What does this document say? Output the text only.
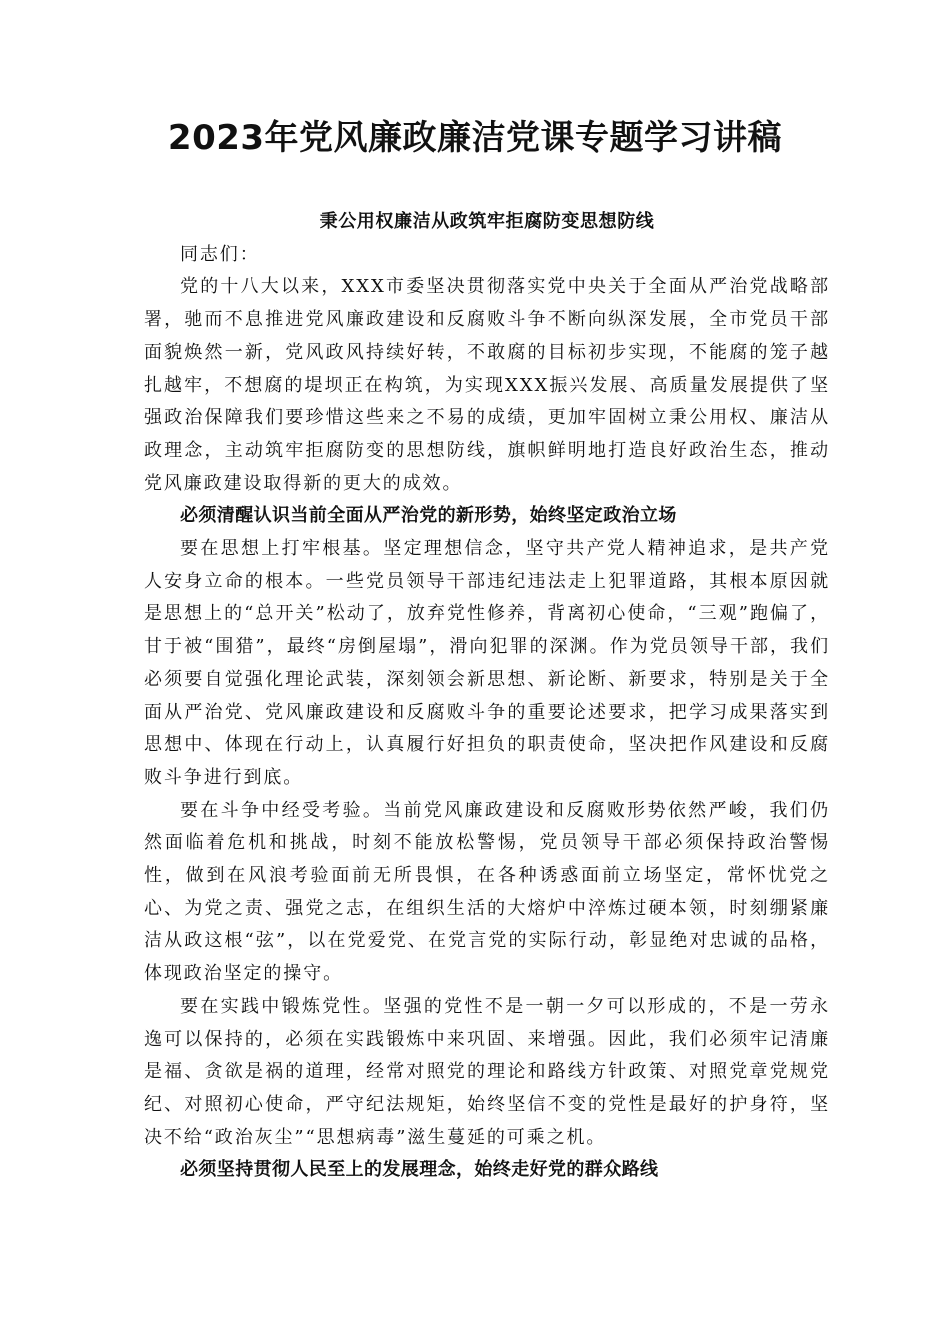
2023年党风廉政廉洁党课专题学习讲稿

秉公用权廉洁从政筑牢拒腐防变思想防线

同志们：

党的十八大以来，XXX市委坚决贯彻落实党中央关于全面从严治党战略部署，驰而不息推进党风廉政建设和反腐败斗争不断向纵深发展，全市党员干部面貌焕然一新，党风政风持续好转，不敢腐的目标初步实现，不能腐的笼子越扎越牢，不想腐的堤坝正在构筑，为实现XXX振兴发展、高质量发展提供了坚强政治保障我们要珍惜这些来之不易的成绩，更加牢固树立秉公用权、廉洁从政理念，主动筑牢拒腐防变的思想防线，旗帜鲜明地打造良好政治生态，推动党风廉政建设取得新的更大的成效。

必须清醒认识当前全面从严治党的新形势，始终坚定政治立场

要在思想上打牢根基。坚定理想信念，坚守共产党人精神追求，是共产党人安身立命的根本。一些党员领导干部违纪违法走上犯罪道路，其根本原因就是思想上的“总开关”松动了，放弃党性修养，背离初心使命，“三观”跑偏了，甘于被“围猎”，最终“房倒屋塌”，滑向犯罪的深渊。作为党员领导干部，我们必须要自觉强化理论武装，深刻领会新思想、新论断、新要求，特别是关于全面从严治党、党风廉政建设和反腐败斗争的重要论述要求，把学习成果落实到思想中、体现在行动上，认真履行好担负的职责使命，坚决把作风建设和反腐败斗争进行到底。

要在斗争中经受考验。当前党风廉政建设和反腐败形势依然严峻，我们仍然面临着危机和挑战，时刻不能放松警惕，党员领导干部必须保持政治警惕性，做到在风浪考验面前无所畏惧，在各种诱惑面前立场坚定，常怀忧党之心、为党之责、强党之志，在组织生活的大熔炉中淬炼过硬本领，时刻绷紧廉洁从政这根“弦”，以在党爱党、在党言党的实际行动，彰显绝对忠诚的品格，体现政治坚定的操守。

要在实践中锻炼党性。坚强的党性不是一朝一夕可以形成的，不是一劳永逸可以保持的，必须在实践锻炼中来巩固、来增强。因此，我们必须牢记清廉是福、贪欲是祸的道理，经常对照党的理论和路线方针政策、对照党章党规党纪、对照初心使命，严守纪法规矩，始终坚信不变的党性是最好的护身符，坚决不给“政治灰尘”“思想病毒”滋生蔓延的可乘之机。

必须坚持贯彻人民至上的发展理念，始终走好党的群众路线
